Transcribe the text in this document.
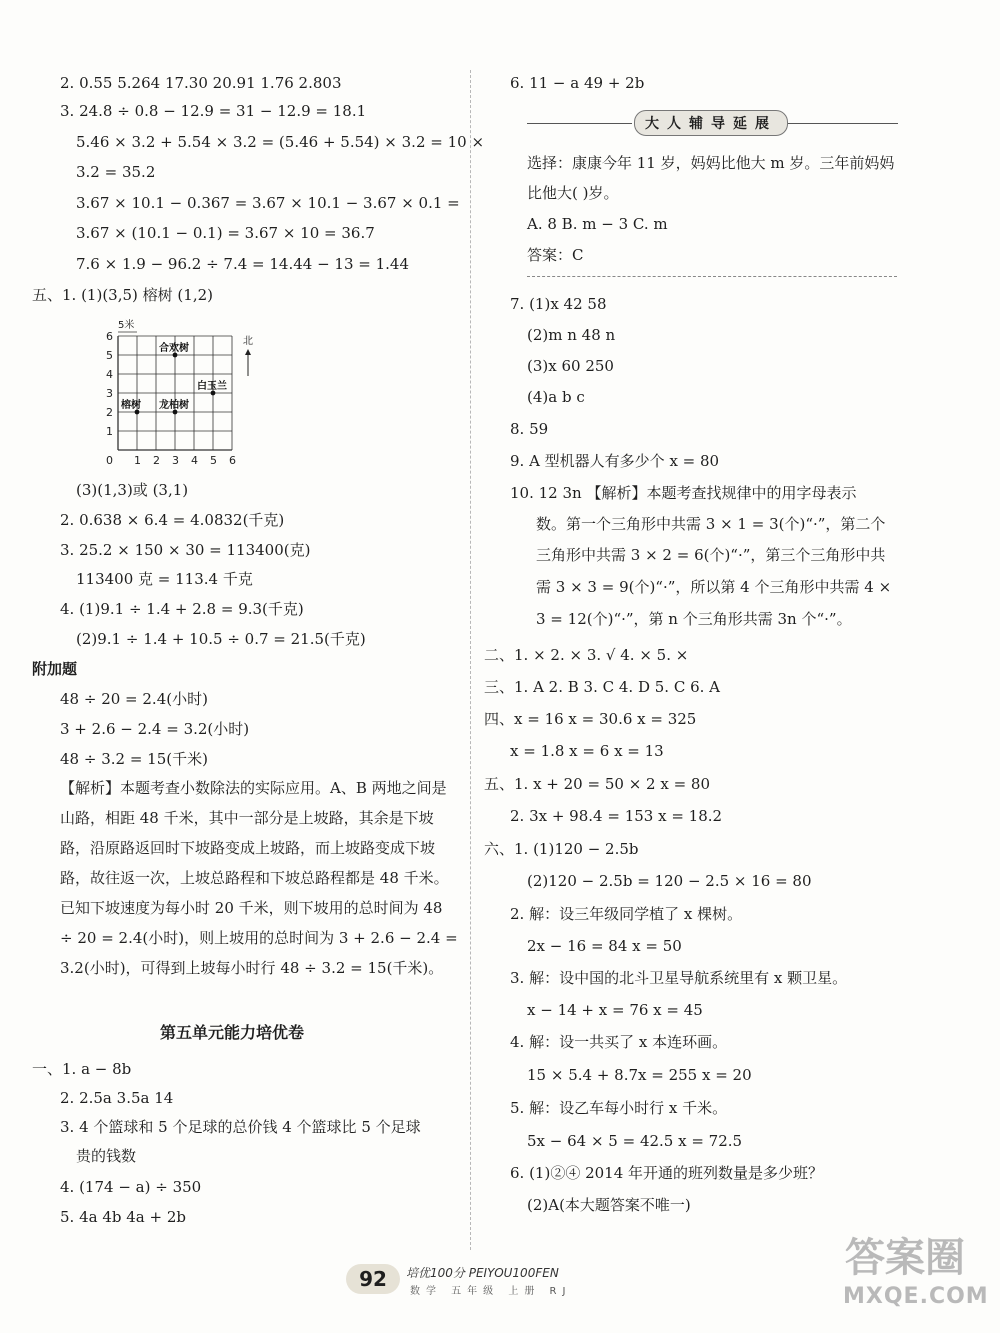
2. 0.55 5.264 17.30 20.91 1.76 2.803
3. 24.8 ÷ 0.8 − 12.9 = 31 − 12.9 = 18.1
5.46 × 3.2 + 5.54 × 3.2 = (5.46 + 5.54) × 3.2 = 10 ×
3.2 = 35.2
3.67 × 10.1 − 0.367 = 3.67 × 10.1 − 3.67 × 0.1 =
3.67 × (10.1 − 0.1) = 3.67 × 10 = 36.7
7.6 × 1.9 − 96.2 ÷ 7.4 = 14.44 − 13 = 1.44
五、1. (1)(3,5) 榕树 (1,2)
(3)(1,3)或 (3,1)
2. 0.638 × 6.4 = 4.0832(千克)
3. 25.2 × 150 × 30 = 113400(克)
113400 克 = 113.4 千克
4. (1)9.1 ÷ 1.4 + 2.8 = 9.3(千克)
(2)9.1 ÷ 1.4 + 10.5 ÷ 0.7 = 21.5(千克)
附加题
48 ÷ 20 = 2.4(小时)
3 + 2.6 − 2.4 = 3.2(小时)
48 ÷ 3.2 = 15(千米)
【解析】本题考查小数除法的实际应用。A、B 两地之间是
山路，相距 48 千米，其中一部分是上坡路，其余是下坡
路，沿原路返回时下坡路变成上坡路，而上坡路变成下坡
路，故往返一次，上坡总路程和下坡总路程都是 48 千米。
已知下坡速度为每小时 20 千米，则下坡用的总时间为 48
÷ 20 = 2.4(小时)，则上坡用的总时间为 3 + 2.6 − 2.4 =
3.2(小时)，可得到上坡每小时行 48 ÷ 3.2 = 15(千米)。
一、1. a − 8b
2. 2.5a 3.5a 14
3. 4 个篮球和 5 个足球的总价钱 4 个篮球比 5 个足球
贵的钱数
4. (174 − a) ÷ 350
5. 4a 4b 4a + 2b
0 1 2 3 4 5 6
1
2
3
4
5
6
5米
北
合欢树
白玉兰
榕树 龙柏树
第五单元能力培优卷
大人辅导延展
6. 11 − a 49 + 2b
选择：康康今年 11 岁，妈妈比他大 m 岁。三年前妈妈
比他大( )岁。
A. 8 B. m − 3 C. m
答案：C
7. (1)x 42 58
(2)m n 48 n
(3)x 60 250
(4)a b c
8. 59
9. A 型机器人有多少个 x = 80
10. 12 3n 【解析】本题考查找规律中的用字母表示
数。第一个三角形中共需 3 × 1 = 3(个)“·”，第二个
三角形中共需 3 × 2 = 6(个)“·”，第三个三角形中共
需 3 × 3 = 9(个)“·”，所以第 4 个三角形中共需 4 ×
3 = 12(个)“·”，第 n 个三角形共需 3n 个“·”。
二、1. × 2. × 3. √ 4. × 5. ×
三、1. A 2. B 3. C 4. D 5. C 6. A
四、x = 16 x = 30.6 x = 325
x = 1.8 x = 6 x = 13
五、1. x + 20 = 50 × 2 x = 80
2. 3x + 98.4 = 153 x = 18.2
六、1. (1)120 − 2.5b
(2)120 − 2.5b = 120 − 2.5 × 16 = 80
2. 解：设三年级同学植了 x 棵树。
2x − 16 = 84 x = 50
3. 解：设中国的北斗卫星导航系统里有 x 颗卫星。
x − 14 + x = 76 x = 45
4. 解：设一共买了 x 本连环画。
15 × 5.4 + 8.7x = 255 x = 20
5. 解：设乙车每小时行 x 千米。
5x − 64 × 5 = 42.5 x = 72.5
6. (1)②④ 2014 年开通的班列数量是多少班？
(2)A(本大题答案不唯一)
92	培优100分 PEIYOU100FEN
数学 五年级 上册 RJ
答案圈
MXQE.COM
